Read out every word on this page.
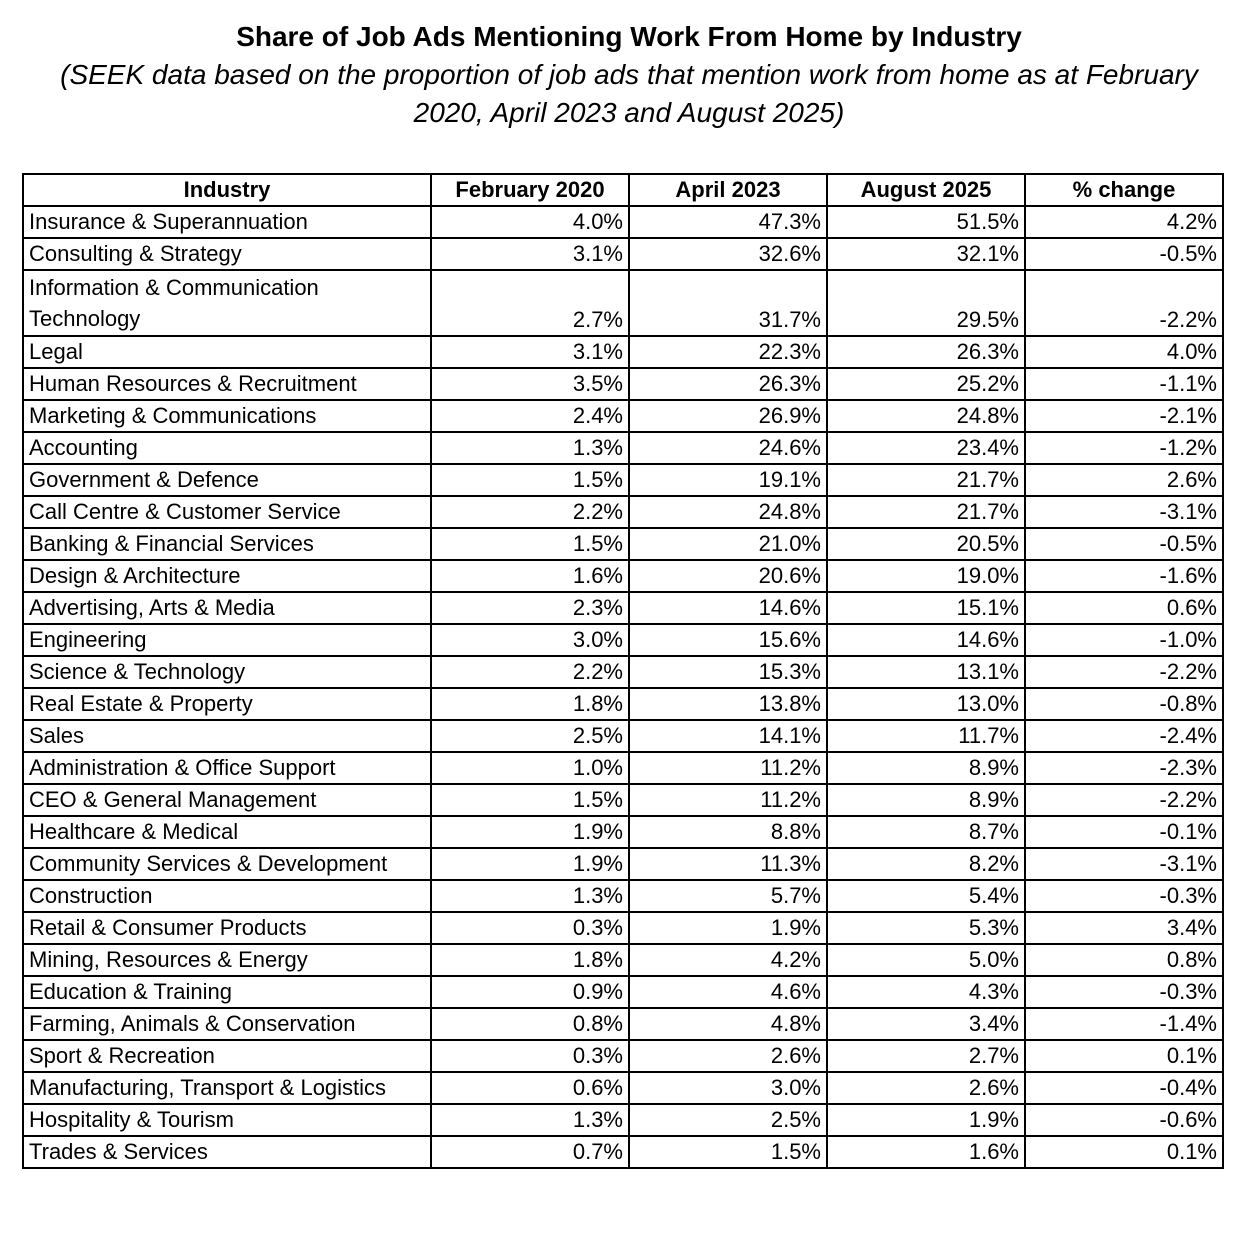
Share of Job Ads Mentioning Work From Home by Industry
(SEEK data based on the proportion of job ads that mention work from home as at February 2020, April 2023 and August 2025)
Industry	February 2020	April 2023	August 2025	% change
Insurance & Superannuation	4.0%	47.3%	51.5%	4.2%
Consulting & Strategy	3.1%	32.6%	32.1%	-0.5%
Information & Communication Technology	2.7%	31.7%	29.5%	-2.2%
Legal	3.1%	22.3%	26.3%	4.0%
Human Resources & Recruitment	3.5%	26.3%	25.2%	-1.1%
Marketing & Communications	2.4%	26.9%	24.8%	-2.1%
Accounting	1.3%	24.6%	23.4%	-1.2%
Government & Defence	1.5%	19.1%	21.7%	2.6%
Call Centre & Customer Service	2.2%	24.8%	21.7%	-3.1%
Banking & Financial Services	1.5%	21.0%	20.5%	-0.5%
Design & Architecture	1.6%	20.6%	19.0%	-1.6%
Advertising, Arts & Media	2.3%	14.6%	15.1%	0.6%
Engineering	3.0%	15.6%	14.6%	-1.0%
Science & Technology	2.2%	15.3%	13.1%	-2.2%
Real Estate & Property	1.8%	13.8%	13.0%	-0.8%
Sales	2.5%	14.1%	11.7%	-2.4%
Administration & Office Support	1.0%	11.2%	8.9%	-2.3%
CEO & General Management	1.5%	11.2%	8.9%	-2.2%
Healthcare & Medical	1.9%	8.8%	8.7%	-0.1%
Community Services & Development	1.9%	11.3%	8.2%	-3.1%
Construction	1.3%	5.7%	5.4%	-0.3%
Retail & Consumer Products	0.3%	1.9%	5.3%	3.4%
Mining, Resources & Energy	1.8%	4.2%	5.0%	0.8%
Education & Training	0.9%	4.6%	4.3%	-0.3%
Farming, Animals & Conservation	0.8%	4.8%	3.4%	-1.4%
Sport & Recreation	0.3%	2.6%	2.7%	0.1%
Manufacturing, Transport & Logistics	0.6%	3.0%	2.6%	-0.4%
Hospitality & Tourism	1.3%	2.5%	1.9%	-0.6%
Trades & Services	0.7%	1.5%	1.6%	0.1%
